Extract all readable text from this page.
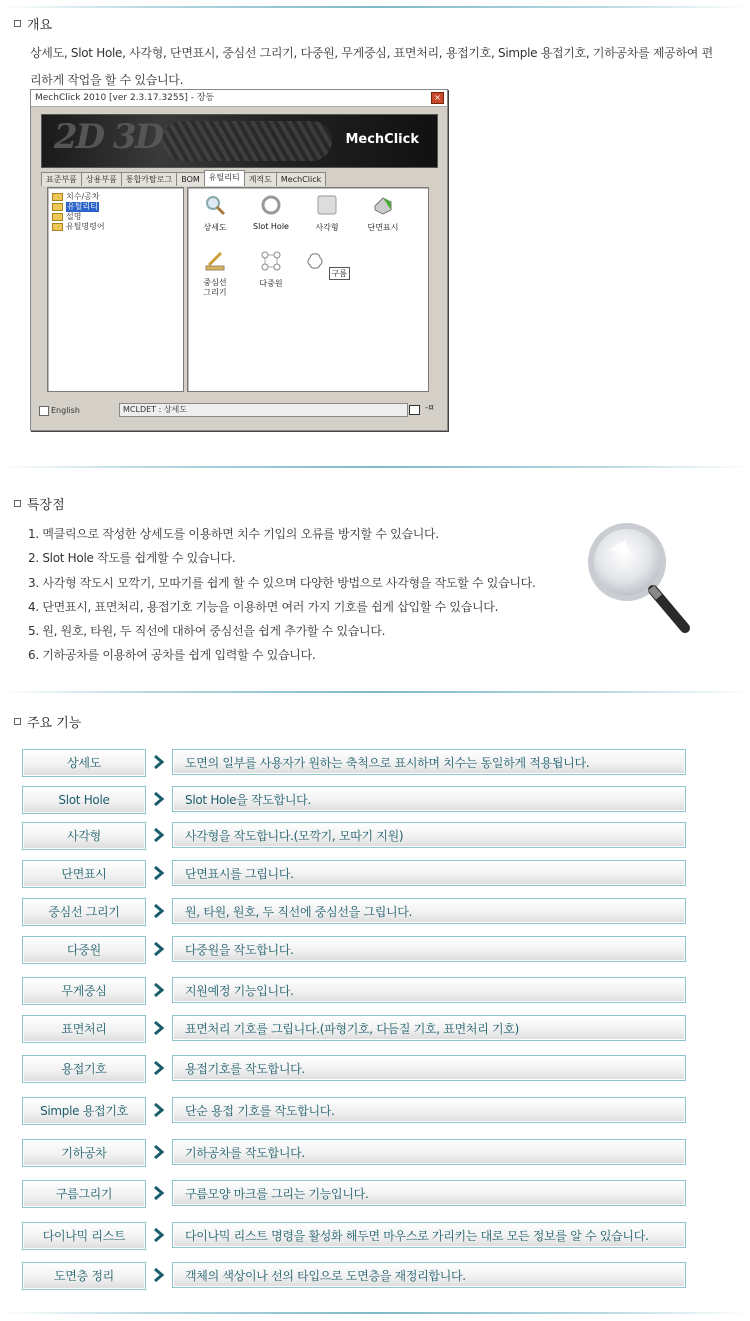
개요
상세도, Slot Hole, 사각형, 단면표시, 중심선 그리기, 다중원, 무게중심, 표면처리, 용접기호, Simple 용접기호, 기하공차를 제공하여 편리하게 작업을 할 수 있습니다.
MechClick 2010 [ver 2.3.17.3255] - 장동	×
2D 3D	MechClick
표준부품	상용부품	통합카탈로그	BOM	유틸리티	계적도	MechClick
치수/공차
유틸리티
설명
유틸명령어	상세도	Slot Hole	사각형	단면표시
중심선 그리기
다중원
구름
English	MCLDET : 상세도	-¤
특장점
1. 멕클릭으로 작성한 상세도를 이용하면 치수 기입의 오류를 방지할 수 있습니다.
2. Slot Hole 작도를 쉽게할 수 있습니다.
3. 사각형 작도시 모깍기, 모따기를 쉽게 할 수 있으며 다양한 방법으로 사각형을 작도할 수 있습니다.
4. 단면표시, 표면처리, 용접기호 기능을 이용하면 여러 가지 기호를 쉽게 삽입할 수 있습니다.
5. 원, 원호, 타원, 두 직선에 대하여 중심선을 쉽게 추가할 수 있습니다.
6. 기하공차를 이용하여 공차를 쉽게 입력할 수 있습니다.
주요 기능
상세도	도면의 일부를 사용자가 원하는 축척으로 표시하며 치수는 동일하게 적용됩니다.
Slot Hole	Slot Hole을 작도합니다.
사각형	사각형을 작도합니다.(모깍기, 모따기 지원)
단면표시	단면표시를 그립니다.
중심선 그리기	원, 타원, 원호, 두 직선에 중심선을 그립니다.
다중원	다중원을 작도합니다.
무게중심	지원예정 기능입니다.
표면처리	표면처리 기호를 그립니다.(파형기호, 다듬질 기호, 표면처리 기호)
용접기호	용접기호를 작도합니다.
Simple 용접기호	단순 용접 기호를 작도합니다.
기하공차	기하공차를 작도합니다.
구름그리기	구름모양 마크를 그리는 기능입니다.
다이나믹 리스트	다이나믹 리스트 명령을 활성화 해두면 마우스로 가리키는 대로 모든 정보를 알 수 있습니다.
도면층 정리	객체의 색상이나 선의 타입으로 도면층을 재정리합니다.
